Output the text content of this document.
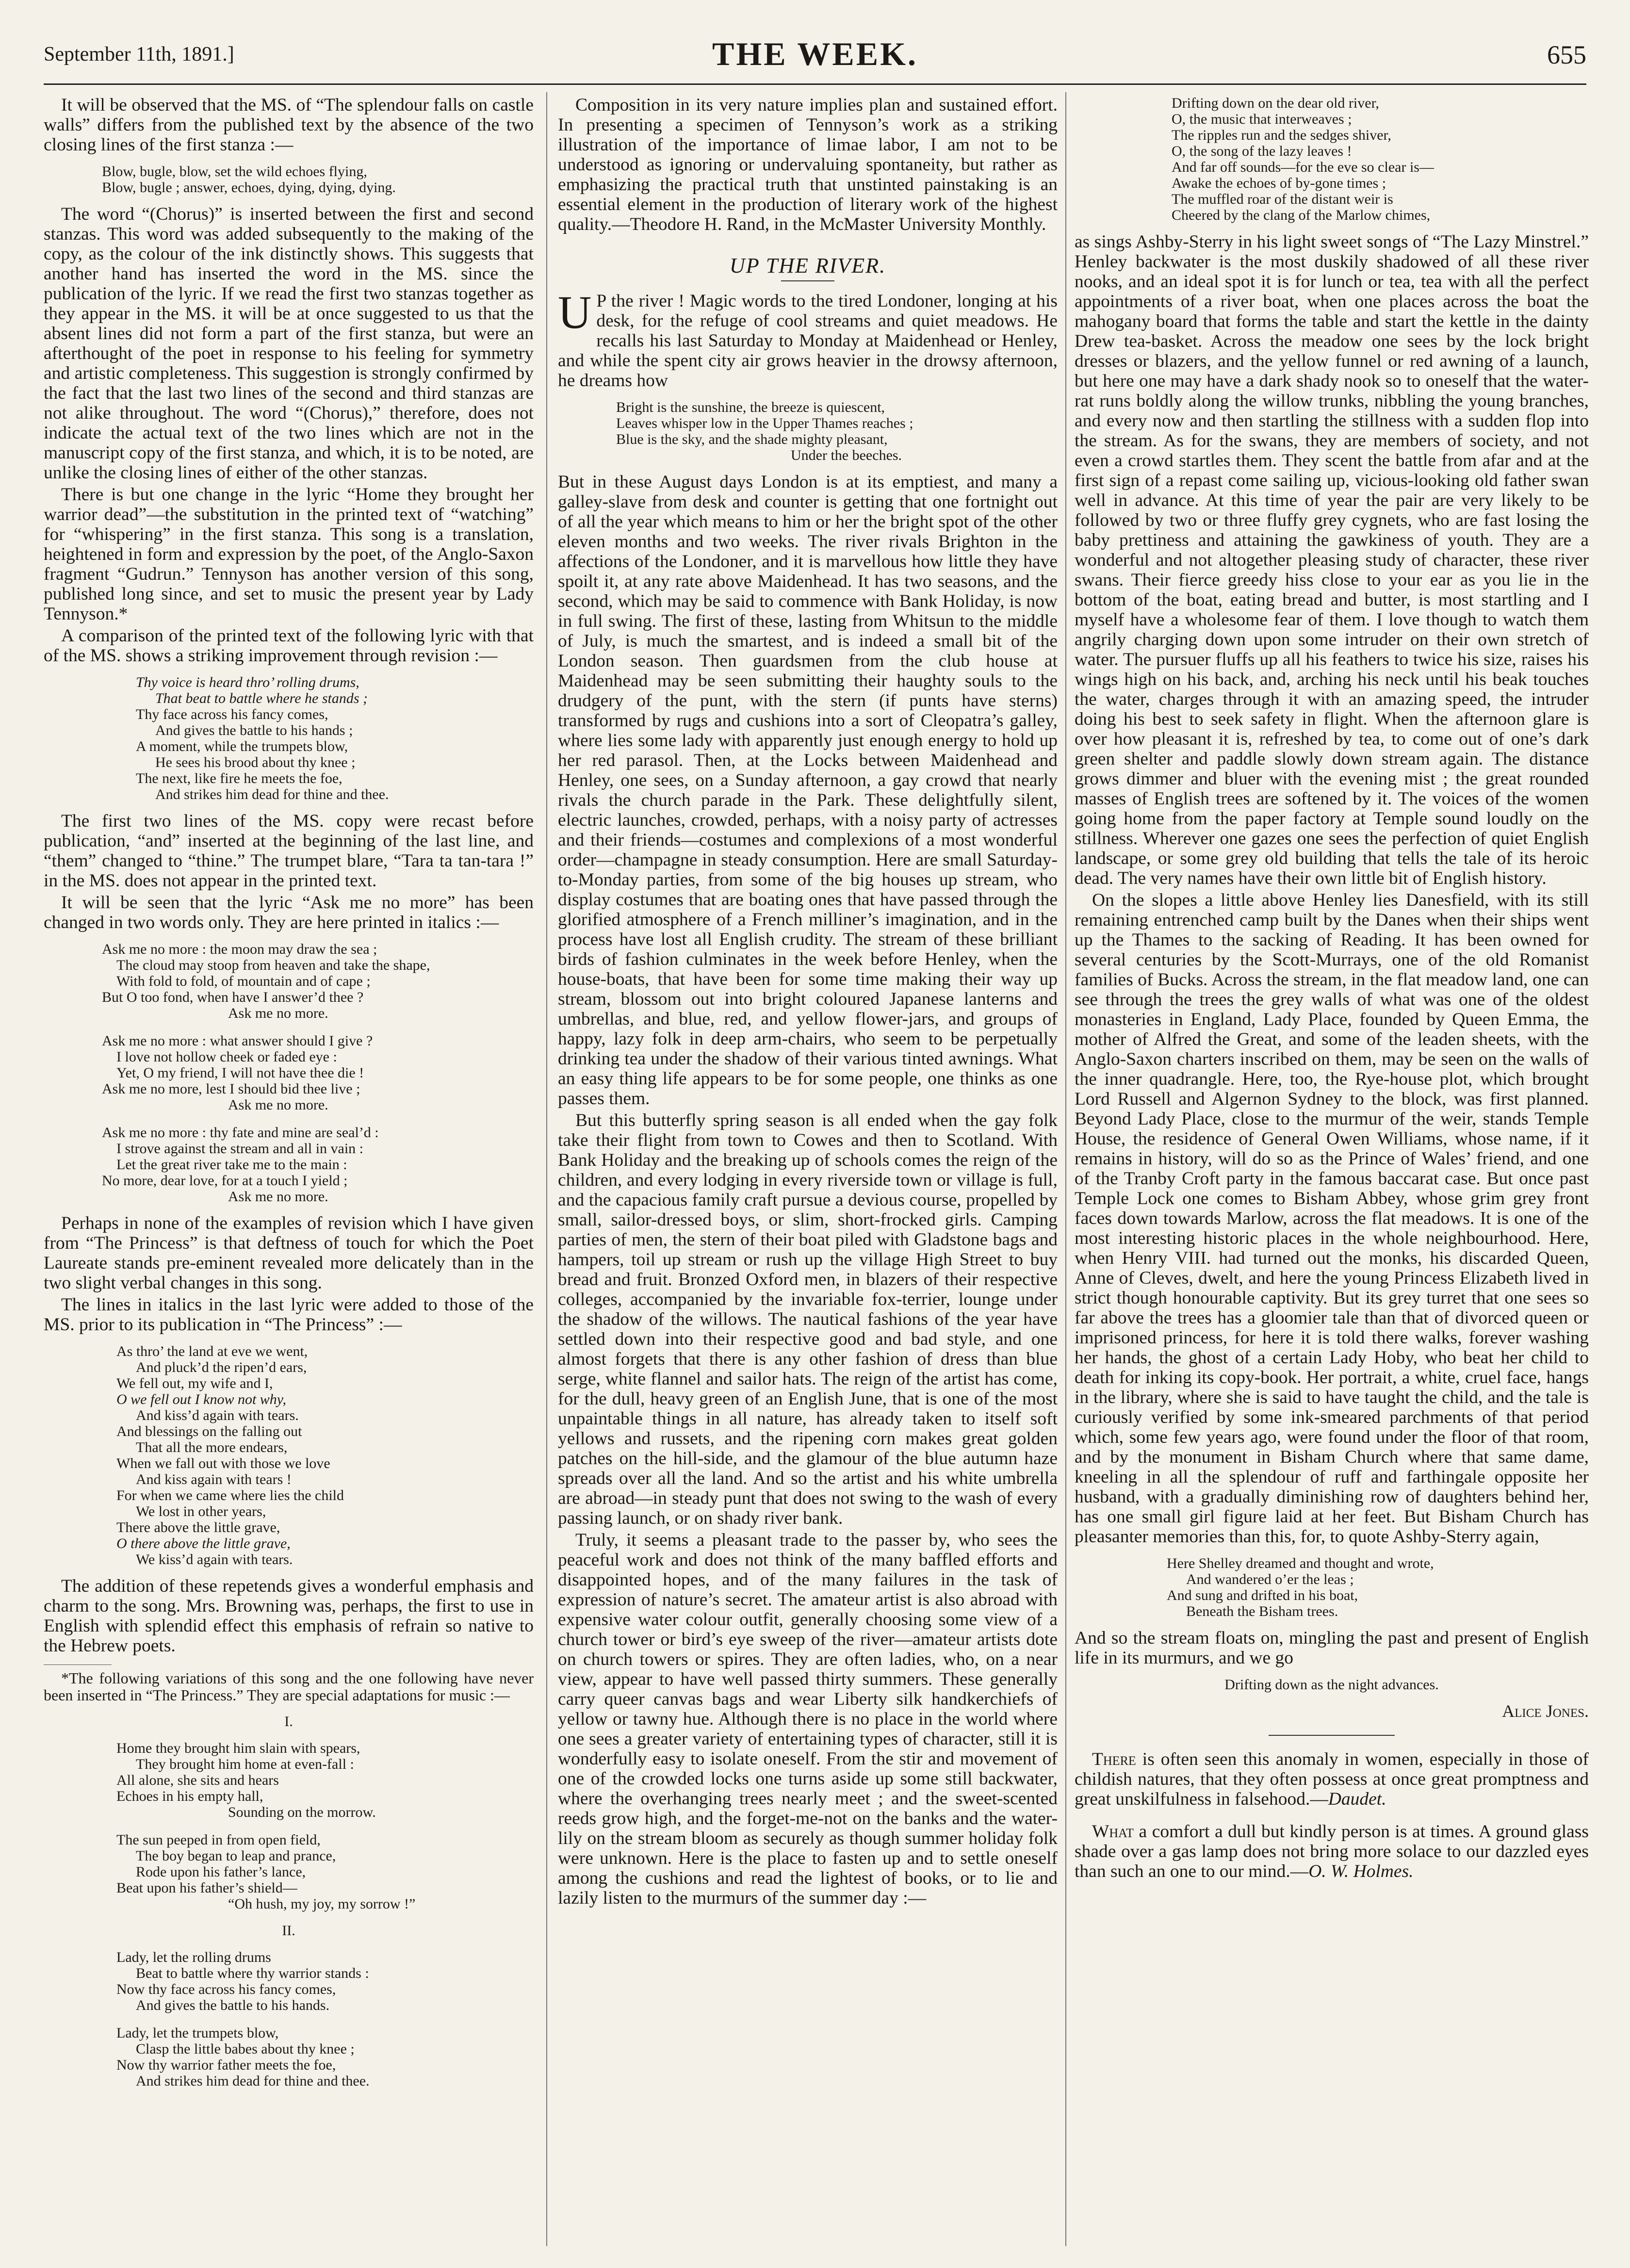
September 11th, 1891.]	THE WEEK.	655

It will be observed that the MS. of “The splendour falls on castle walls” differs from the published text by the absence of the two closing lines of the first stanza :—

Blow, bugle, blow, set the wild echoes flying,
Blow, bugle ; answer, echoes, dying, dying, dying.

The word “(Chorus)” is inserted between the first and second stanzas. This word was added subsequently to the making of the copy, as the colour of the ink distinctly shows. This suggests that another hand has inserted the word in the MS. since the publication of the lyric. If we read the first two stanzas together as they appear in the MS. it will be at once suggested to us that the absent lines did not form a part of the first stanza, but were an afterthought of the poet in response to his feeling for symmetry and artistic completeness. This suggestion is strongly confirmed by the fact that the last two lines of the second and third stanzas are not alike throughout. The word “(Chorus),” therefore, does not indicate the actual text of the two lines which are not in the manuscript copy of the first stanza, and which, it is to be noted, are unlike the closing lines of either of the other stanzas.

There is but one change in the lyric “Home they brought her warrior dead”—the substitution in the printed text of “watching” for “whispering” in the first stanza. This song is a translation, heightened in form and expression by the poet, of the Anglo-Saxon fragment “Gudrun.” Tennyson has another version of this song, published long since, and set to music the present year by Lady Tennyson.*

A comparison of the printed text of the following lyric with that of the MS. shows a striking improvement through revision :—

Thy voice is heard thro’ rolling drums,
That beat to battle where he stands ;
Thy face across his fancy comes,
And gives the battle to his hands ;
A moment, while the trumpets blow,
He sees his brood about thy knee ;
The next, like fire he meets the foe,
And strikes him dead for thine and thee.

The first two lines of the MS. copy were recast before publication, “and” inserted at the beginning of the last line, and “them” changed to “thine.” The trumpet blare, “Tara ta tan-tara !” in the MS. does not appear in the printed text.

It will be seen that the lyric “Ask me no more” has been changed in two words only. They are here printed in italics :—

Ask me no more : the moon may draw the sea ;
The cloud may stoop from heaven and take the shape,
With fold to fold, of mountain and of cape ;
But O too fond, when have I answer’d thee ?
Ask me no more.
Ask me no more : what answer should I give ?
I love not hollow cheek or faded eye :
Yet, O my friend, I will not have thee die !
Ask me no more, lest I should bid thee live ;
Ask me no more.
Ask me no more : thy fate and mine are seal’d :
I strove against the stream and all in vain :
Let the great river take me to the main :
No more, dear love, for at a touch I yield ;
Ask me no more.

Perhaps in none of the examples of revision which I have given from “The Princess” is that deftness of touch for which the Poet Laureate stands pre-eminent revealed more delicately than in the two slight verbal changes in this song.

The lines in italics in the last lyric were added to those of the MS. prior to its publication in “The Princess” :—

As thro’ the land at eve we went,
And pluck’d the ripen’d ears,
We fell out, my wife and I,
O we fell out I know not why,
And kiss’d again with tears.
And blessings on the falling out
That all the more endears,
When we fall out with those we love
And kiss again with tears !
For when we came where lies the child
We lost in other years,
There above the little grave,
O there above the little grave,
We kiss’d again with tears.

The addition of these repetends gives a wonderful emphasis and charm to the song. Mrs. Browning was, perhaps, the first to use in English with splendid effect this emphasis of refrain so native to the Hebrew poets.

*The following variations of this song and the one following have never been inserted in “The Princess.” They are special adaptations for music :—

I.
Home they brought him slain with spears,
They brought him home at even-fall :
All alone, she sits and hears
Echoes in his empty hall,
Sounding on the morrow.
The sun peeped in from open field,
The boy began to leap and prance,
Rode upon his father’s lance,
Beat upon his father’s shield—
“Oh hush, my joy, my sorrow !”
II.
Lady, let the rolling drums
Beat to battle where thy warrior stands :
Now thy face across his fancy comes,
And gives the battle to his hands.
Lady, let the trumpets blow,
Clasp the little babes about thy knee ;
Now thy warrior father meets the foe,
And strikes him dead for thine and thee.

Composition in its very nature implies plan and sustained effort. In presenting a specimen of Tennyson’s work as a striking illustration of the importance of limae labor, I am not to be understood as ignoring or undervaluing spontaneity, but rather as emphasizing the practical truth that unstinted painstaking is an essential element in the production of literary work of the highest quality.—Theodore H. Rand, in the McMaster University Monthly.

UP THE RIVER.

U P the river ! Magic words to the tired Londoner, longing at his desk, for the refuge of cool streams and quiet meadows. He recalls his last Saturday to Monday at Maidenhead or Henley, and while the spent city air grows heavier in the drowsy afternoon, he dreams how

Bright is the sunshine, the breeze is quiescent,
Leaves whisper low in the Upper Thames reaches ;
Blue is the sky, and the shade mighty pleasant,
Under the beeches.

But in these August days London is at its emptiest, and many a galley-slave from desk and counter is getting that one fortnight out of all the year which means to him or her the bright spot of the other eleven months and two weeks. The river rivals Brighton in the affections of the Londoner, and it is marvellous how little they have spoilt it, at any rate above Maidenhead. It has two seasons, and the second, which may be said to commence with Bank Holiday, is now in full swing. The first of these, lasting from Whitsun to the middle of July, is much the smartest, and is indeed a small bit of the London season. Then guardsmen from the club house at Maidenhead may be seen submitting their haughty souls to the drudgery of the punt, with the stern (if punts have sterns) transformed by rugs and cushions into a sort of Cleopatra’s galley, where lies some lady with apparently just enough energy to hold up her red parasol. Then, at the Locks between Maidenhead and Henley, one sees, on a Sunday afternoon, a gay crowd that nearly rivals the church parade in the Park. These delightfully silent, electric launches, crowded, perhaps, with a noisy party of actresses and their friends—costumes and complexions of a most wonderful order—champagne in steady consumption. Here are small Saturday-to-Monday parties, from some of the big houses up stream, who display costumes that are boating ones that have passed through the glorified atmosphere of a French milliner’s imagination, and in the process have lost all English crudity. The stream of these brilliant birds of fashion culminates in the week before Henley, when the house-boats, that have been for some time making their way up stream, blossom out into bright coloured Japanese lanterns and umbrellas, and blue, red, and yellow flower-jars, and groups of happy, lazy folk in deep arm-chairs, who seem to be perpetually drinking tea under the shadow of their various tinted awnings. What an easy thing life appears to be for some people, one thinks as one passes them.

But this butterfly spring season is all ended when the gay folk take their flight from town to Cowes and then to Scotland. With Bank Holiday and the breaking up of schools comes the reign of the children, and every lodging in every riverside town or village is full, and the capacious family craft pursue a devious course, propelled by small, sailor-dressed boys, or slim, short-frocked girls. Camping parties of men, the stern of their boat piled with Gladstone bags and hampers, toil up stream or rush up the village High Street to buy bread and fruit. Bronzed Oxford men, in blazers of their respective colleges, accompanied by the invariable fox-terrier, lounge under the shadow of the willows. The nautical fashions of the year have settled down into their respective good and bad style, and one almost forgets that there is any other fashion of dress than blue serge, white flannel and sailor hats. The reign of the artist has come, for the dull, heavy green of an English June, that is one of the most unpaintable things in all nature, has already taken to itself soft yellows and russets, and the ripening corn makes great golden patches on the hill-side, and the glamour of the blue autumn haze spreads over all the land. And so the artist and his white umbrella are abroad—in steady punt that does not swing to the wash of every passing launch, or on shady river bank.

Truly, it seems a pleasant trade to the passer by, who sees the peaceful work and does not think of the many baffled efforts and disappointed hopes, and of the many failures in the task of expression of nature’s secret. The amateur artist is also abroad with expensive water colour outfit, generally choosing some view of a church tower or bird’s eye sweep of the river—amateur artists dote on church towers or spires. They are often ladies, who, on a near view, appear to have well passed thirty summers. These generally carry queer canvas bags and wear Liberty silk handkerchiefs of yellow or tawny hue. Although there is no place in the world where one sees a greater variety of entertaining types of character, still it is wonderfully easy to isolate oneself. From the stir and movement of one of the crowded locks one turns aside up some still backwater, where the overhanging trees nearly meet ; and the sweet-scented reeds grow high, and the forget-me-not on the banks and the water-lily on the stream bloom as securely as though summer holiday folk were unknown. Here is the place to fasten up and to settle oneself among the cushions and read the lightest of books, or to lie and lazily listen to the murmurs of the summer day :—

Drifting down on the dear old river,
O, the music that interweaves ;
The ripples run and the sedges shiver,
O, the song of the lazy leaves !
And far off sounds—for the eve so clear is—
Awake the echoes of by-gone times ;
The muffled roar of the distant weir is
Cheered by the clang of the Marlow chimes,

as sings Ashby-Sterry in his light sweet songs of “The Lazy Minstrel.” Henley backwater is the most duskily shadowed of all these river nooks, and an ideal spot it is for lunch or tea, tea with all the perfect appointments of a river boat, when one places across the boat the mahogany board that forms the table and start the kettle in the dainty Drew tea-basket. Across the meadow one sees by the lock bright dresses or blazers, and the yellow funnel or red awning of a launch, but here one may have a dark shady nook so to oneself that the water-rat runs boldly along the willow trunks, nibbling the young branches, and every now and then startling the stillness with a sudden flop into the stream. As for the swans, they are members of society, and not even a crowd startles them. They scent the battle from afar and at the first sign of a repast come sailing up, vicious-looking old father swan well in advance. At this time of year the pair are very likely to be followed by two or three fluffy grey cygnets, who are fast losing the baby prettiness and attaining the gawkiness of youth. They are a wonderful and not altogether pleasing study of character, these river swans. Their fierce greedy hiss close to your ear as you lie in the bottom of the boat, eating bread and butter, is most startling and I myself have a wholesome fear of them. I love though to watch them angrily charging down upon some intruder on their own stretch of water. The pursuer fluffs up all his feathers to twice his size, raises his wings high on his back, and, arching his neck until his beak touches the water, charges through it with an amazing speed, the intruder doing his best to seek safety in flight. When the afternoon glare is over how pleasant it is, refreshed by tea, to come out of one’s dark green shelter and paddle slowly down stream again. The distance grows dimmer and bluer with the evening mist ; the great rounded masses of English trees are softened by it. The voices of the women going home from the paper factory at Temple sound loudly on the stillness. Wherever one gazes one sees the perfection of quiet English landscape, or some grey old building that tells the tale of its heroic dead. The very names have their own little bit of English history.

On the slopes a little above Henley lies Danesfield, with its still remaining entrenched camp built by the Danes when their ships went up the Thames to the sacking of Reading. It has been owned for several centuries by the Scott-Murrays, one of the old Romanist families of Bucks. Across the stream, in the flat meadow land, one can see through the trees the grey walls of what was one of the oldest monasteries in England, Lady Place, founded by Queen Emma, the mother of Alfred the Great, and some of the leaden sheets, with the Anglo-Saxon charters inscribed on them, may be seen on the walls of the inner quadrangle. Here, too, the Rye-house plot, which brought Lord Russell and Algernon Sydney to the block, was first planned. Beyond Lady Place, close to the murmur of the weir, stands Temple House, the residence of General Owen Williams, whose name, if it remains in history, will do so as the Prince of Wales’ friend, and one of the Tranby Croft party in the famous baccarat case. But once past Temple Lock one comes to Bisham Abbey, whose grim grey front faces down towards Marlow, across the flat meadows. It is one of the most interesting historic places in the whole neighbourhood. Here, when Henry VIII. had turned out the monks, his discarded Queen, Anne of Cleves, dwelt, and here the young Princess Elizabeth lived in strict though honourable captivity. But its grey turret that one sees so far above the trees has a gloomier tale than that of divorced queen or imprisoned princess, for here it is told there walks, forever washing her hands, the ghost of a certain Lady Hoby, who beat her child to death for inking its copy-book. Her portrait, a white, cruel face, hangs in the library, where she is said to have taught the child, and the tale is curiously verified by some ink-smeared parchments of that period which, some few years ago, were found under the floor of that room, and by the monument in Bisham Church where that same dame, kneeling in all the splendour of ruff and farthingale opposite her husband, with a gradually diminishing row of daughters behind her, has one small girl figure laid at her feet. But Bisham Church has pleasanter memories than this, for, to quote Ashby-Sterry again,

Here Shelley dreamed and thought and wrote,
And wandered o’er the leas ;
And sung and drifted in his boat,
Beneath the Bisham trees.

And so the stream floats on, mingling the past and present of English life in its murmurs, and we go

Drifting down as the night advances.
Alice Jones.

There is often seen this anomaly in women, especially in those of childish natures, that they often possess at once great promptness and great unskilfulness in falsehood.—Daudet.

What a comfort a dull but kindly person is at times. A ground glass shade over a gas lamp does not bring more solace to our dazzled eyes than such an one to our mind.—O. W. Holmes.
